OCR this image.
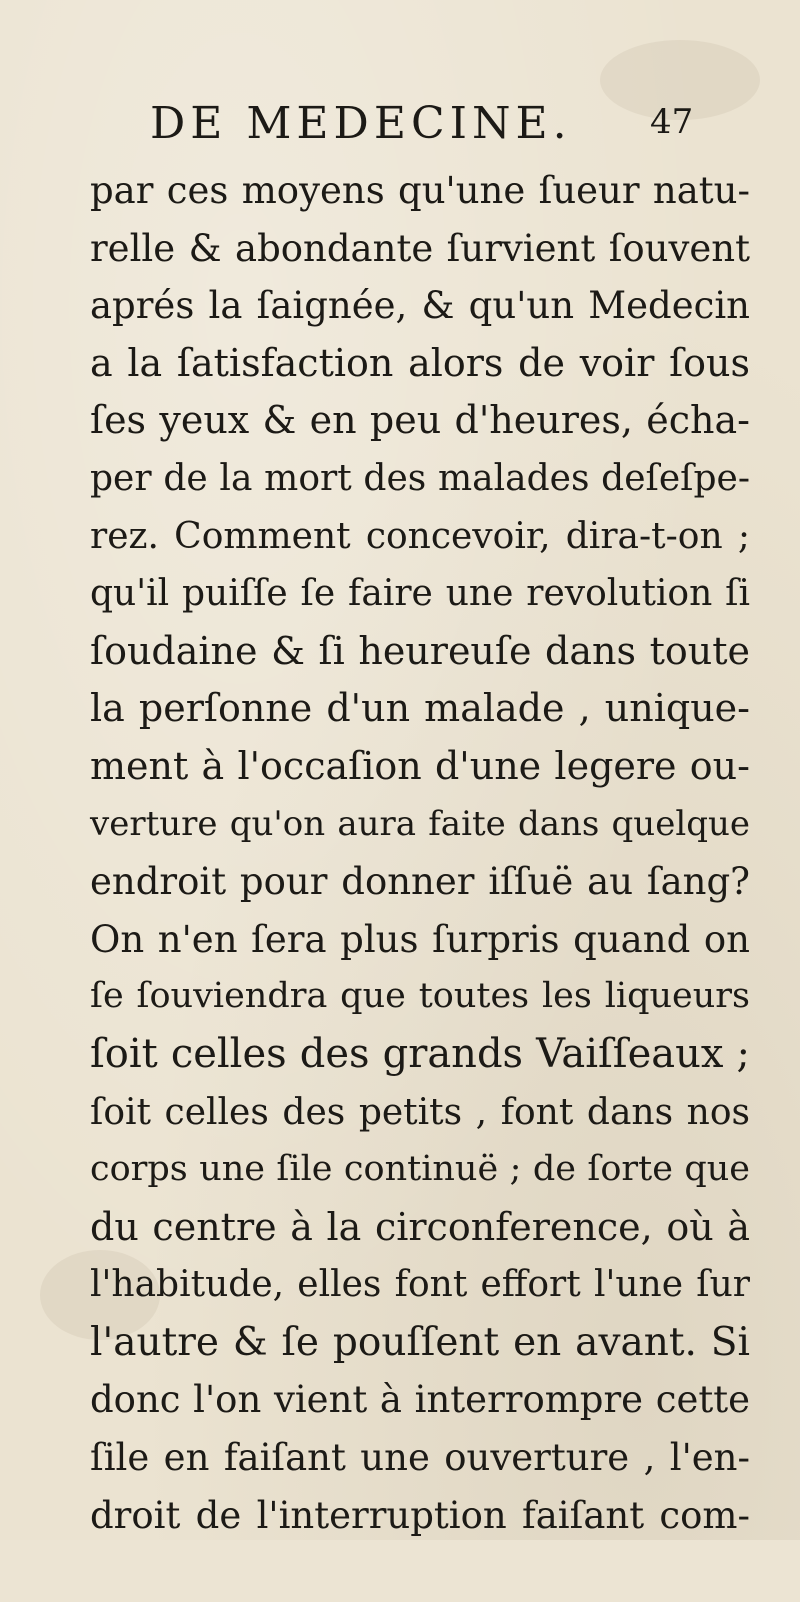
DE MEDECINE. 47
par ces moyens qu'une ſueur natu-
relle & abondante ſurvient ſouvent
aprés la ſaignée, & qu'un Medecin
a la ſatisfaction alors de voir ſous
ſes yeux & en peu d'heures, écha-
per de la mort des malades deſeſpe-
rez. Comment concevoir, dira-t-on ;
qu'il puiſſe ſe faire une revolution ſi
ſoudaine & ſi heureuſe dans toute
la perſonne d'un malade , unique-
ment à l'occaſion d'une legere ou-
verture qu'on aura faite dans quelque
endroit pour donner iſſuë au ſang?
On n'en ſera plus ſurpris quand on
ſe ſouviendra que toutes les liqueurs
ſoit celles des grands Vaiſſeaux ;
ſoit celles des petits , font dans nos
corps une ſile continuë ; de ſorte que
du centre à la circonference, où à
l'habitude, elles font effort l'une ſur
l'autre & ſe pouſſent en avant. Si
donc l'on vient à interrompre cette
ſile en faiſant une ouverture , l'en-
droit de l'interruption faiſant com-
